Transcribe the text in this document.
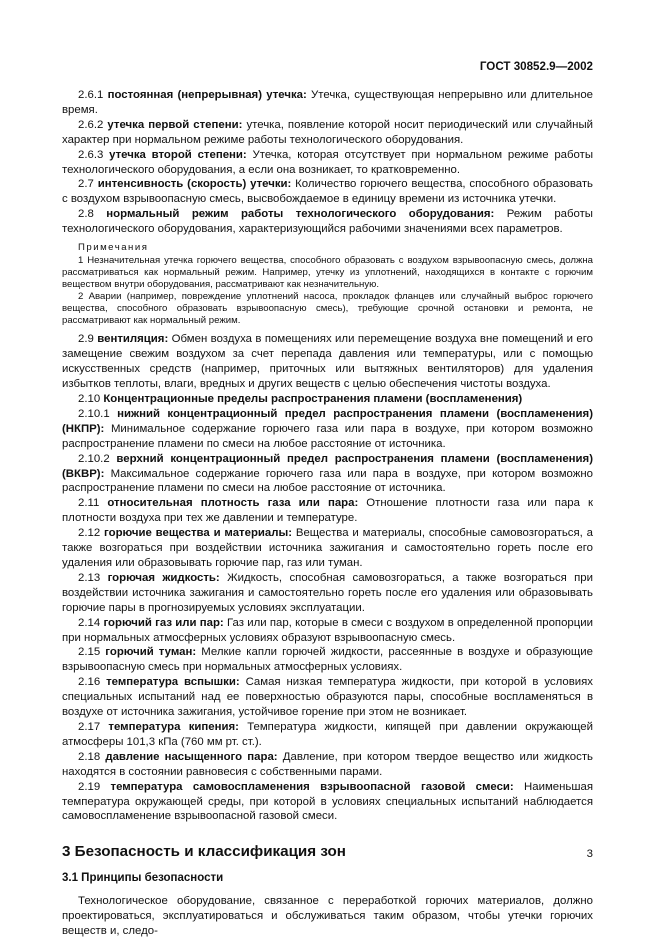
ГОСТ 30852.9—2002

2.6.1 постоянная (непрерывная) утечка: Утечка, существующая непрерывно или длительное время.

2.6.2 утечка первой степени: утечка, появление которой носит периодический или случайный характер при нормальном режиме работы технологического оборудования.

2.6.3 утечка второй степени: Утечка, которая отсутствует при нормальном режиме работы технологического оборудования, а если она возникает, то кратковременно.

2.7 интенсивность (скорость) утечки: Количество горючего вещества, способного образовать с воздухом взрывоопасную смесь, высвобождаемое в единицу времени из источника утечки.

2.8 нормальный режим работы технологического оборудования: Режим работы технологического оборудования, характеризующийся рабочими значениями всех параметров.

Примечания

1 Незначительная утечка горючего вещества, способного образовать с воздухом взрывоопасную смесь, должна рассматриваться как нормальный режим. Например, утечку из уплотнений, находящихся в контакте с горючим веществом внутри оборудования, рассматривают как незначительную.

2 Аварии (например, повреждение уплотнений насоса, прокладок фланцев или случайный выброс горючего вещества, способного образовать взрывоопасную смесь), требующие срочной остановки и ремонта, не рассматривают как нормальный режим.

2.9 вентиляция: Обмен воздуха в помещениях или перемещение воздуха вне помещений и его замещение свежим воздухом за счет перепада давления или температуры, или с помощью искусственных средств (например, приточных или вытяжных вентиляторов) для удаления избытков теплоты, влаги, вредных и других веществ с целью обеспечения чистоты воздуха.

2.10 Концентрационные пределы распространения пламени (воспламенения)

2.10.1 нижний концентрационный предел распространения пламени (воспламенения) (НКПР): Минимальное содержание горючего газа или пара в воздухе, при котором возможно распространение пламени по смеси на любое расстояние от источника.

2.10.2 верхний концентрационный предел распространения пламени (воспламенения) (ВКВР): Максимальное содержание горючего газа или пара в воздухе, при котором возможно распространение пламени по смеси на любое расстояние от источника.

2.11 относительная плотность газа или пара: Отношение плотности газа или пара к плотности воздуха при тех же давлении и температуре.

2.12 горючие вещества и материалы: Вещества и материалы, способные самовозгораться, а также возгораться при воздействии источника зажигания и самостоятельно гореть после его удаления или образовывать горючие пар, газ или туман.

2.13 горючая жидкость: Жидкость, способная самовозгораться, а также возгораться при воздействии источника зажигания и самостоятельно гореть после его удаления или образовывать горючие пары в прогнозируемых условиях эксплуатации.

2.14 горючий газ или пар: Газ или пар, которые в смеси с воздухом в определенной пропорции при нормальных атмосферных условиях образуют взрывоопасную смесь.

2.15 горючий туман: Мелкие капли горючей жидкости, рассеянные в воздухе и образующие взрывоопасную смесь при нормальных атмосферных условиях.

2.16 температура вспышки: Самая низкая температура жидкости, при которой в условиях специальных испытаний над ее поверхностью образуются пары, способные воспламеняться в воздухе от источника зажигания, устойчивое горение при этом не возникает.

2.17 температура кипения: Температура жидкости, кипящей при давлении окружающей атмосферы 101,3 кПа (760 мм рт. ст.).

2.18 давление насыщенного пара: Давление, при котором твердое вещество или жидкость находятся в состоянии равновесия с собственными парами.

2.19 температура самовоспламенения взрывоопасной газовой смеси: Наименьшая температура окружающей среды, при которой в условиях специальных испытаний наблюдается самовоспламенение взрывоопасной газовой смеси.

3 Безопасность и классификация зон
3.1 Принципы безопасности

Технологическое оборудование, связанное с переработкой горючих материалов, должно проектироваться, эксплуатироваться и обслуживаться таким образом, чтобы утечки горючих веществ и, следо-

3
